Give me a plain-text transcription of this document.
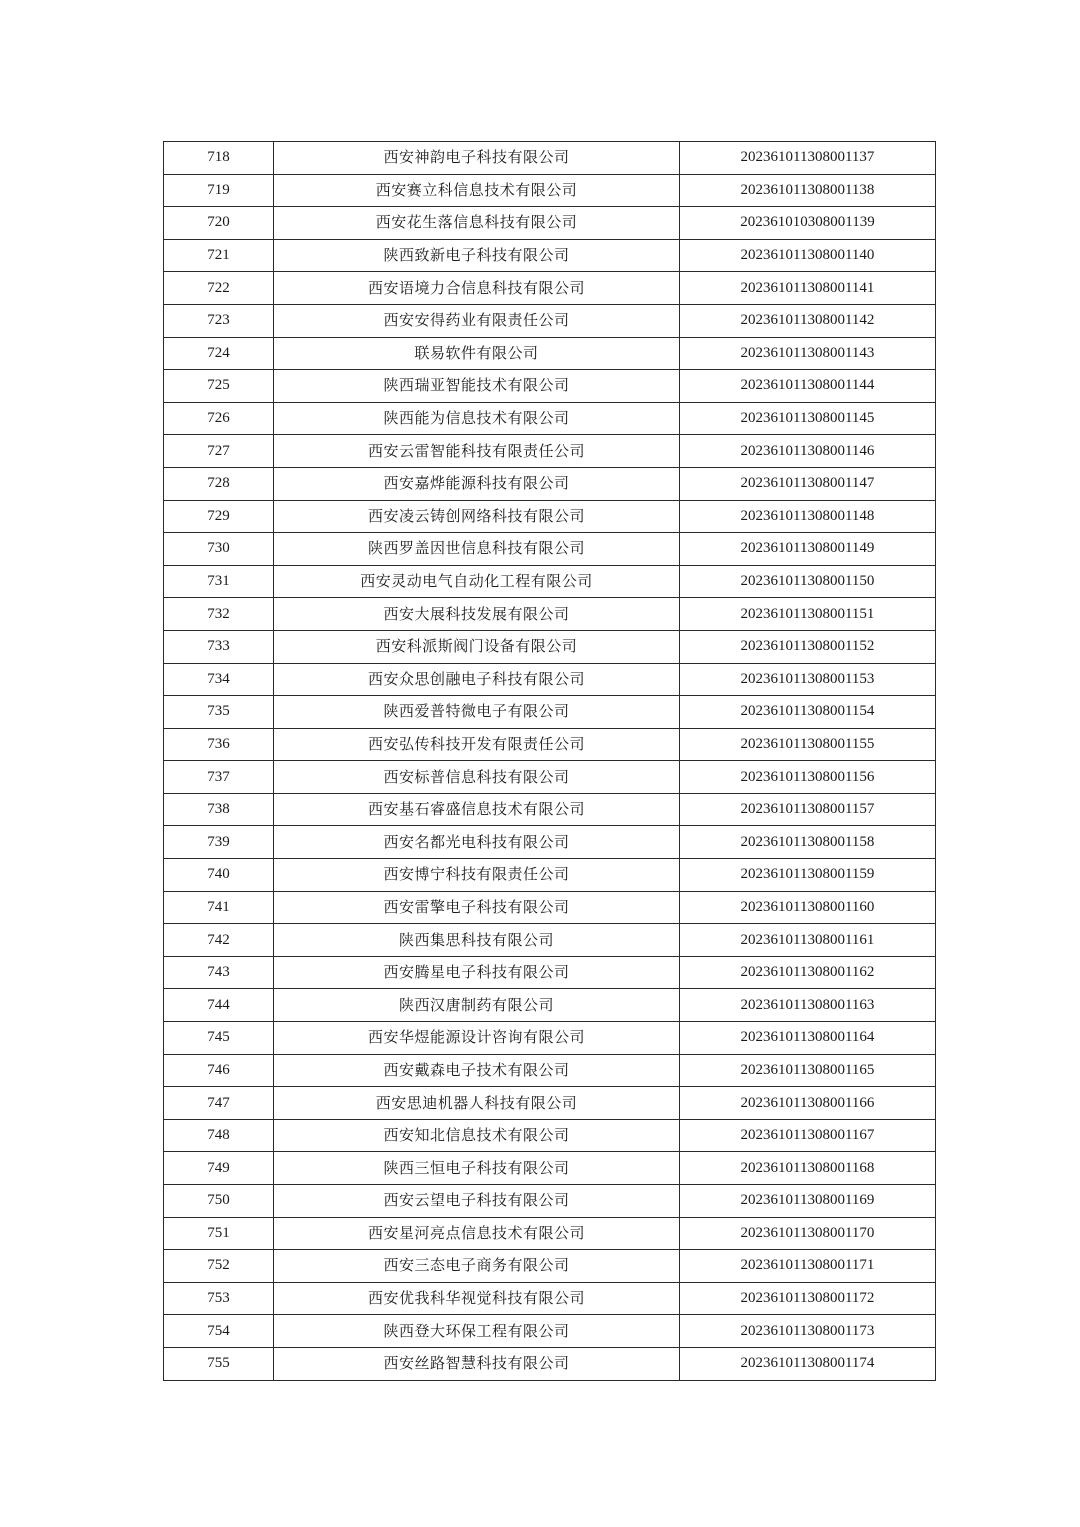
718	西安神韵电子科技有限公司	202361011308001137
719	西安赛立科信息技术有限公司	202361011308001138
720	西安花生落信息科技有限公司	202361010308001139
721	陕西致新电子科技有限公司	202361011308001140
722	西安语境力合信息科技有限公司	202361011308001141
723	西安安得药业有限责任公司	202361011308001142
724	联易软件有限公司	202361011308001143
725	陕西瑞亚智能技术有限公司	202361011308001144
726	陕西能为信息技术有限公司	202361011308001145
727	西安云雷智能科技有限责任公司	202361011308001146
728	西安嘉烨能源科技有限公司	202361011308001147
729	西安凌云铸创网络科技有限公司	202361011308001148
730	陕西罗盖因世信息科技有限公司	202361011308001149
731	西安灵动电气自动化工程有限公司	202361011308001150
732	西安大展科技发展有限公司	202361011308001151
733	西安科派斯阀门设备有限公司	202361011308001152
734	西安众思创融电子科技有限公司	202361011308001153
735	陕西爱普特微电子有限公司	202361011308001154
736	西安弘传科技开发有限责任公司	202361011308001155
737	西安标普信息科技有限公司	202361011308001156
738	西安基石睿盛信息技术有限公司	202361011308001157
739	西安名都光电科技有限公司	202361011308001158
740	西安博宁科技有限责任公司	202361011308001159
741	西安雷擎电子科技有限公司	202361011308001160
742	陕西集思科技有限公司	202361011308001161
743	西安腾星电子科技有限公司	202361011308001162
744	陕西汉唐制药有限公司	202361011308001163
745	西安华煜能源设计咨询有限公司	202361011308001164
746	西安戴森电子技术有限公司	202361011308001165
747	西安思迪机器人科技有限公司	202361011308001166
748	西安知北信息技术有限公司	202361011308001167
749	陕西三恒电子科技有限公司	202361011308001168
750	西安云望电子科技有限公司	202361011308001169
751	西安星河亮点信息技术有限公司	202361011308001170
752	西安三态电子商务有限公司	202361011308001171
753	西安优我科华视觉科技有限公司	202361011308001172
754	陕西登大环保工程有限公司	202361011308001173
755	西安丝路智慧科技有限公司	202361011308001174
